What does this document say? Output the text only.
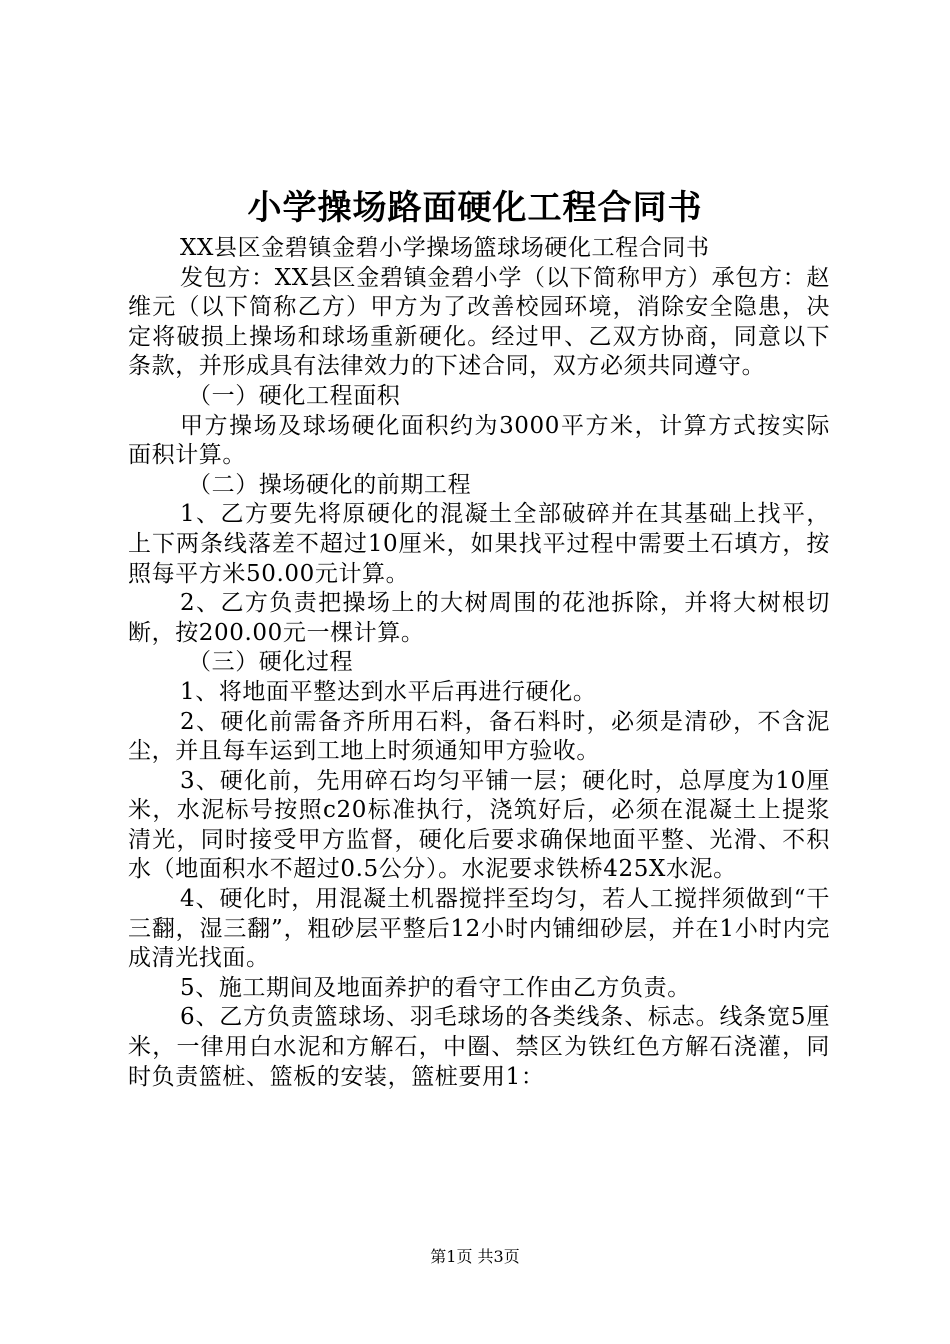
小学操场路面硬化工程合同书

XX县区金碧镇金碧小学操场篮球场硬化工程合同书

发包方：XX县区金碧镇金碧小学（以下简称甲方）承包方：赵维元（以下简称乙方）甲方为了改善校园环境，消除安全隐患，决定将破损上操场和球场重新硬化。经过甲、乙双方协商，同意以下条款，并形成具有法律效力的下述合同，双方必须共同遵守。

（一）硬化工程面积

甲方操场及球场硬化面积约为3000平方米，计算方式按实际面积计算。

（二）操场硬化的前期工程

1、乙方要先将原硬化的混凝土全部破碎并在其基础上找平，上下两条线落差不超过10厘米，如果找平过程中需要土石填方，按照每平方米50.00元计算。

2、乙方负责把操场上的大树周围的花池拆除，并将大树根切断，按200.00元一棵计算。

（三）硬化过程

1、将地面平整达到水平后再进行硬化。

2、硬化前需备齐所用石料，备石料时，必须是清砂，不含泥尘，并且每车运到工地上时须通知甲方验收。

3、硬化前，先用碎石均匀平铺一层；硬化时，总厚度为10厘米，水泥标号按照c20标准执行，浇筑好后，必须在混凝土上提浆清光，同时接受甲方监督，硬化后要求确保地面平整、光滑、不积水（地面积水不超过0.5公分）。水泥要求铁桥425X水泥。

4、硬化时，用混凝土机器搅拌至均匀，若人工搅拌须做到“干三翻，湿三翻”，粗砂层平整后12小时内铺细砂层，并在1小时内完成清光找面。

5、施工期间及地面养护的看守工作由乙方负责。

6、乙方负责篮球场、羽毛球场的各类线条、标志。线条宽5厘米，一律用白水泥和方解石，中圈、禁区为铁红色方解石浇灌，同时负责篮桩、篮板的安装，篮桩要用1：

第1页 共3页
